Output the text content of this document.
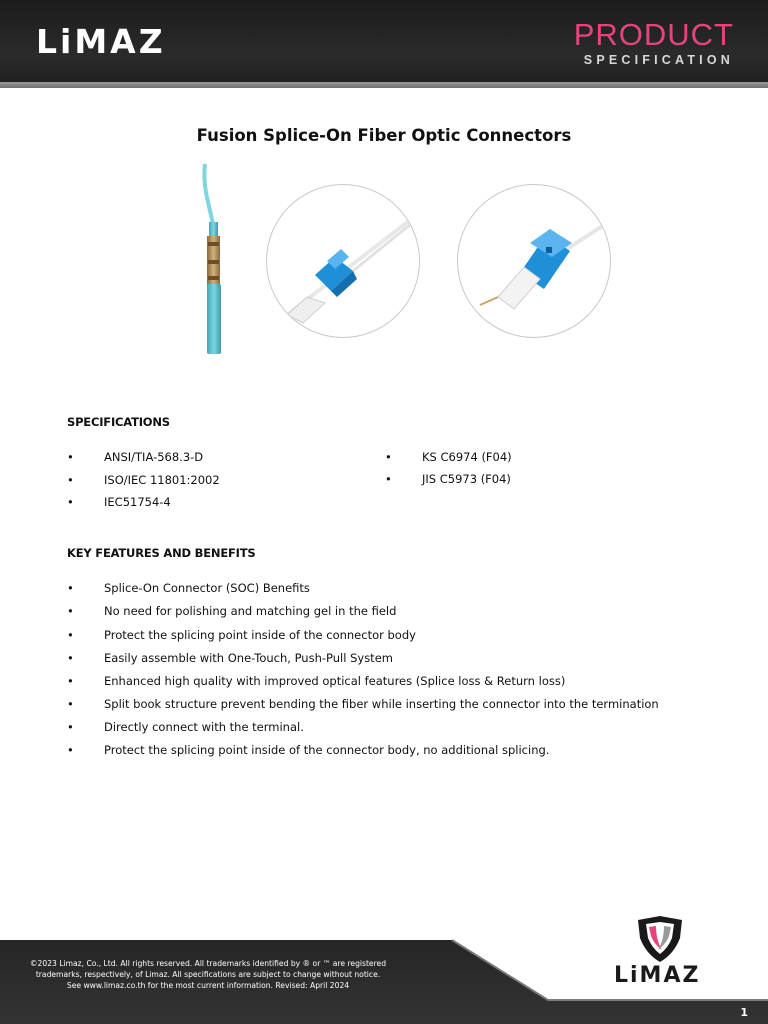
LiMAZ	PRODUCT
SPECIFICATION
Fusion Splice-On Fiber Optic Connectors
SPECIFICATIONS
•	ANSI/TIA-568.3-D
•	ISO/IEC 11801:2002
•	IEC51754-4
•	KS C6974 (F04)
•	JIS C5973 (F04)
KEY FEATURES AND BENEFITS
•	Splice-On Connector (SOC) Benefits
•	No need for polishing and matching gel in the field
•	Protect the splicing point inside of the connector body
•	Easily assemble with One-Touch, Push-Pull System
•	Enhanced high quality with improved optical features (Splice loss & Return loss)
•	Split book structure prevent bending the fiber while inserting the connector into the termination
•	Directly connect with the terminal.
•	Protect the splicing point inside of the connector body, no additional splicing.
©2023 Limaz, Co., Ltd. All rights reserved. All trademarks identified by ® or ™ are registered
trademarks, respectively, of Limaz. All specifications are subject to change without notice.
See www.limaz.co.th for the most current information. Revised: April 2024	LiMAZ
1
